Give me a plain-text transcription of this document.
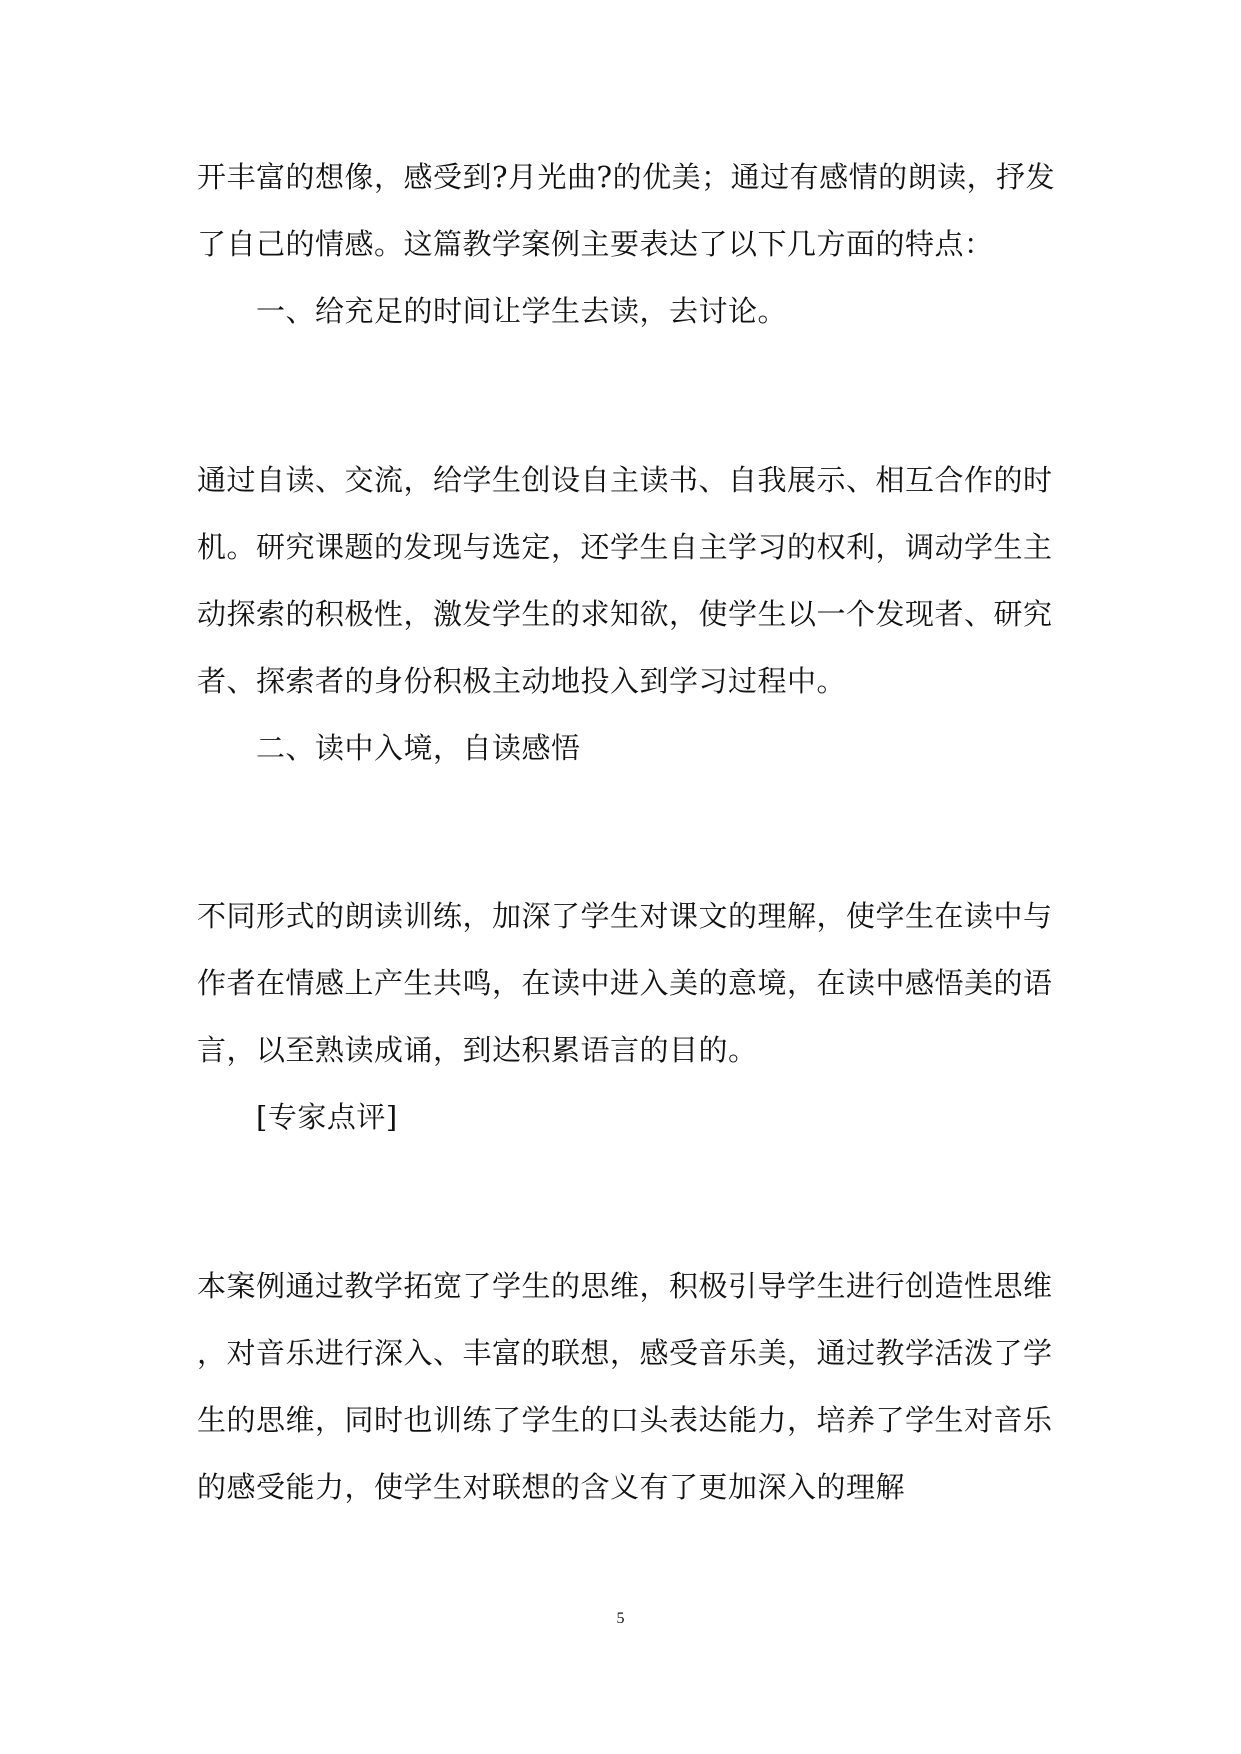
开丰富的想像，感受到?月光曲?的优美；通过有感情的朗读，抒发
了自己的情感。这篇教学案例主要表达了以下几方面的特点：
一、给充足的时间让学生去读，去讨论。
通过自读、交流，给学生创设自主读书、自我展示、相互合作的时
机。研究课题的发现与选定，还学生自主学习的权利，调动学生主
动探索的积极性，激发学生的求知欲，使学生以一个发现者、研究
者、探索者的身份积极主动地投入到学习过程中。
二、读中入境，自读感悟
不同形式的朗读训练，加深了学生对课文的理解，使学生在读中与
作者在情感上产生共鸣，在读中进入美的意境，在读中感悟美的语
言，以至熟读成诵，到达积累语言的目的。
[专家点评]
本案例通过教学拓宽了学生的思维，积极引导学生进行创造性思维
，对音乐进行深入、丰富的联想，感受音乐美，通过教学活泼了学
生的思维，同时也训练了学生的口头表达能力，培养了学生对音乐
的感受能力，使学生对联想的含义有了更加深入的理解
5
